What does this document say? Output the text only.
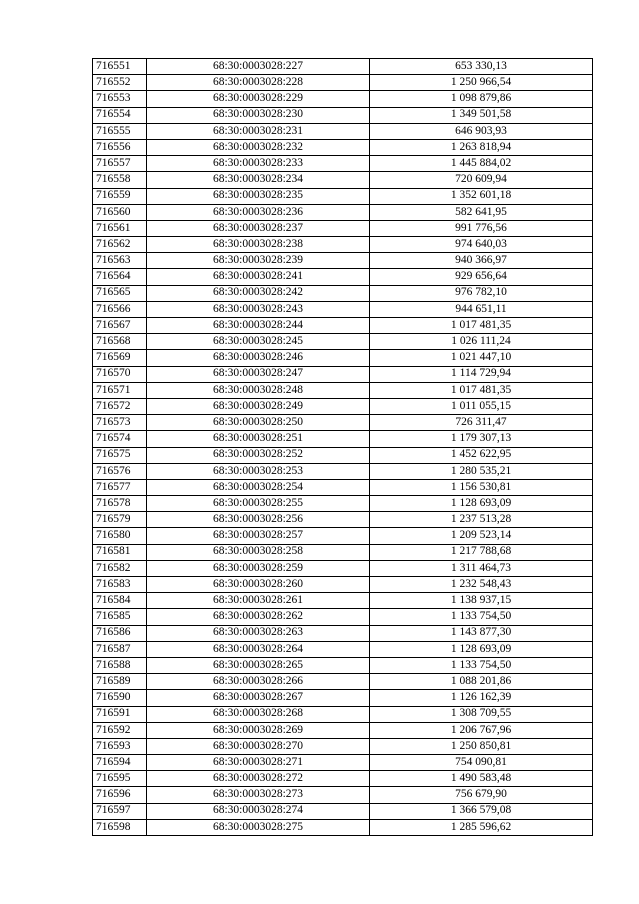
716551	68:30:0003028:227	653 330,13
716552	68:30:0003028:228	1 250 966,54
716553	68:30:0003028:229	1 098 879,86
716554	68:30:0003028:230	1 349 501,58
716555	68:30:0003028:231	646 903,93
716556	68:30:0003028:232	1 263 818,94
716557	68:30:0003028:233	1 445 884,02
716558	68:30:0003028:234	720 609,94
716559	68:30:0003028:235	1 352 601,18
716560	68:30:0003028:236	582 641,95
716561	68:30:0003028:237	991 776,56
716562	68:30:0003028:238	974 640,03
716563	68:30:0003028:239	940 366,97
716564	68:30:0003028:241	929 656,64
716565	68:30:0003028:242	976 782,10
716566	68:30:0003028:243	944 651,11
716567	68:30:0003028:244	1 017 481,35
716568	68:30:0003028:245	1 026 111,24
716569	68:30:0003028:246	1 021 447,10
716570	68:30:0003028:247	1 114 729,94
716571	68:30:0003028:248	1 017 481,35
716572	68:30:0003028:249	1 011 055,15
716573	68:30:0003028:250	726 311,47
716574	68:30:0003028:251	1 179 307,13
716575	68:30:0003028:252	1 452 622,95
716576	68:30:0003028:253	1 280 535,21
716577	68:30:0003028:254	1 156 530,81
716578	68:30:0003028:255	1 128 693,09
716579	68:30:0003028:256	1 237 513,28
716580	68:30:0003028:257	1 209 523,14
716581	68:30:0003028:258	1 217 788,68
716582	68:30:0003028:259	1 311 464,73
716583	68:30:0003028:260	1 232 548,43
716584	68:30:0003028:261	1 138 937,15
716585	68:30:0003028:262	1 133 754,50
716586	68:30:0003028:263	1 143 877,30
716587	68:30:0003028:264	1 128 693,09
716588	68:30:0003028:265	1 133 754,50
716589	68:30:0003028:266	1 088 201,86
716590	68:30:0003028:267	1 126 162,39
716591	68:30:0003028:268	1 308 709,55
716592	68:30:0003028:269	1 206 767,96
716593	68:30:0003028:270	1 250 850,81
716594	68:30:0003028:271	754 090,81
716595	68:30:0003028:272	1 490 583,48
716596	68:30:0003028:273	756 679,90
716597	68:30:0003028:274	1 366 579,08
716598	68:30:0003028:275	1 285 596,62
